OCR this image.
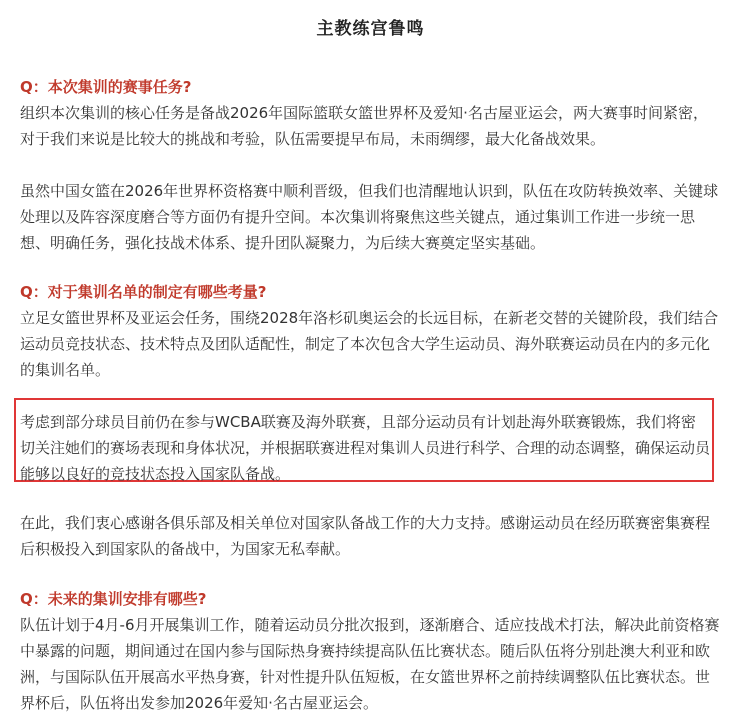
主教练宫鲁鸣
Q：本次集训的赛事任务?

组织本次集训的核心任务是备战2026年国际篮联女篮世界杯及爱知·名古屋亚运会，两大赛事时间紧密，对于我们来说是比较大的挑战和考验，队伍需要提早布局，未雨绸缪，最大化备战效果。

虽然中国女篮在2026年世界杯资格赛中顺利晋级，但我们也清醒地认识到，队伍在攻防转换效率、关键球处理以及阵容深度磨合等方面仍有提升空间。本次集训将聚焦这些关键点，通过集训工作进一步统一思想、明确任务，强化技战术体系、提升团队凝聚力，为后续大赛奠定坚实基础。

Q：对于集训名单的制定有哪些考量?

立足女篮世界杯及亚运会任务，围绕2028年洛杉矶奥运会的长远目标，在新老交替的关键阶段，我们结合运动员竞技状态、技术特点及团队适配性，制定了本次包含大学生运动员、海外联赛运动员在内的多元化的集训名单。

考虑到部分球员目前仍在参与WCBA联赛及海外联赛，且部分运动员有计划赴海外联赛锻炼，我们将密切关注她们的赛场表现和身体状况，并根据联赛进程对集训人员进行科学、合理的动态调整，确保运动员能够以良好的竞技状态投入国家队备战。

在此，我们衷心感谢各俱乐部及相关单位对国家队备战工作的大力支持。感谢运动员在经历联赛密集赛程后积极投入到国家队的备战中，为国家无私奉献。

Q：未来的集训安排有哪些?

队伍计划于4月-6月开展集训工作，随着运动员分批次报到，逐渐磨合、适应技战术打法，解决此前资格赛中暴露的问题，期间通过在国内参与国际热身赛持续提高队伍比赛状态。随后队伍将分别赴澳大利亚和欧洲，与国际队伍开展高水平热身赛，针对性提升队伍短板，在女篮世界杯之前持续调整队伍比赛状态。世界杯后，队伍将出发参加2026年爱知·名古屋亚运会。
